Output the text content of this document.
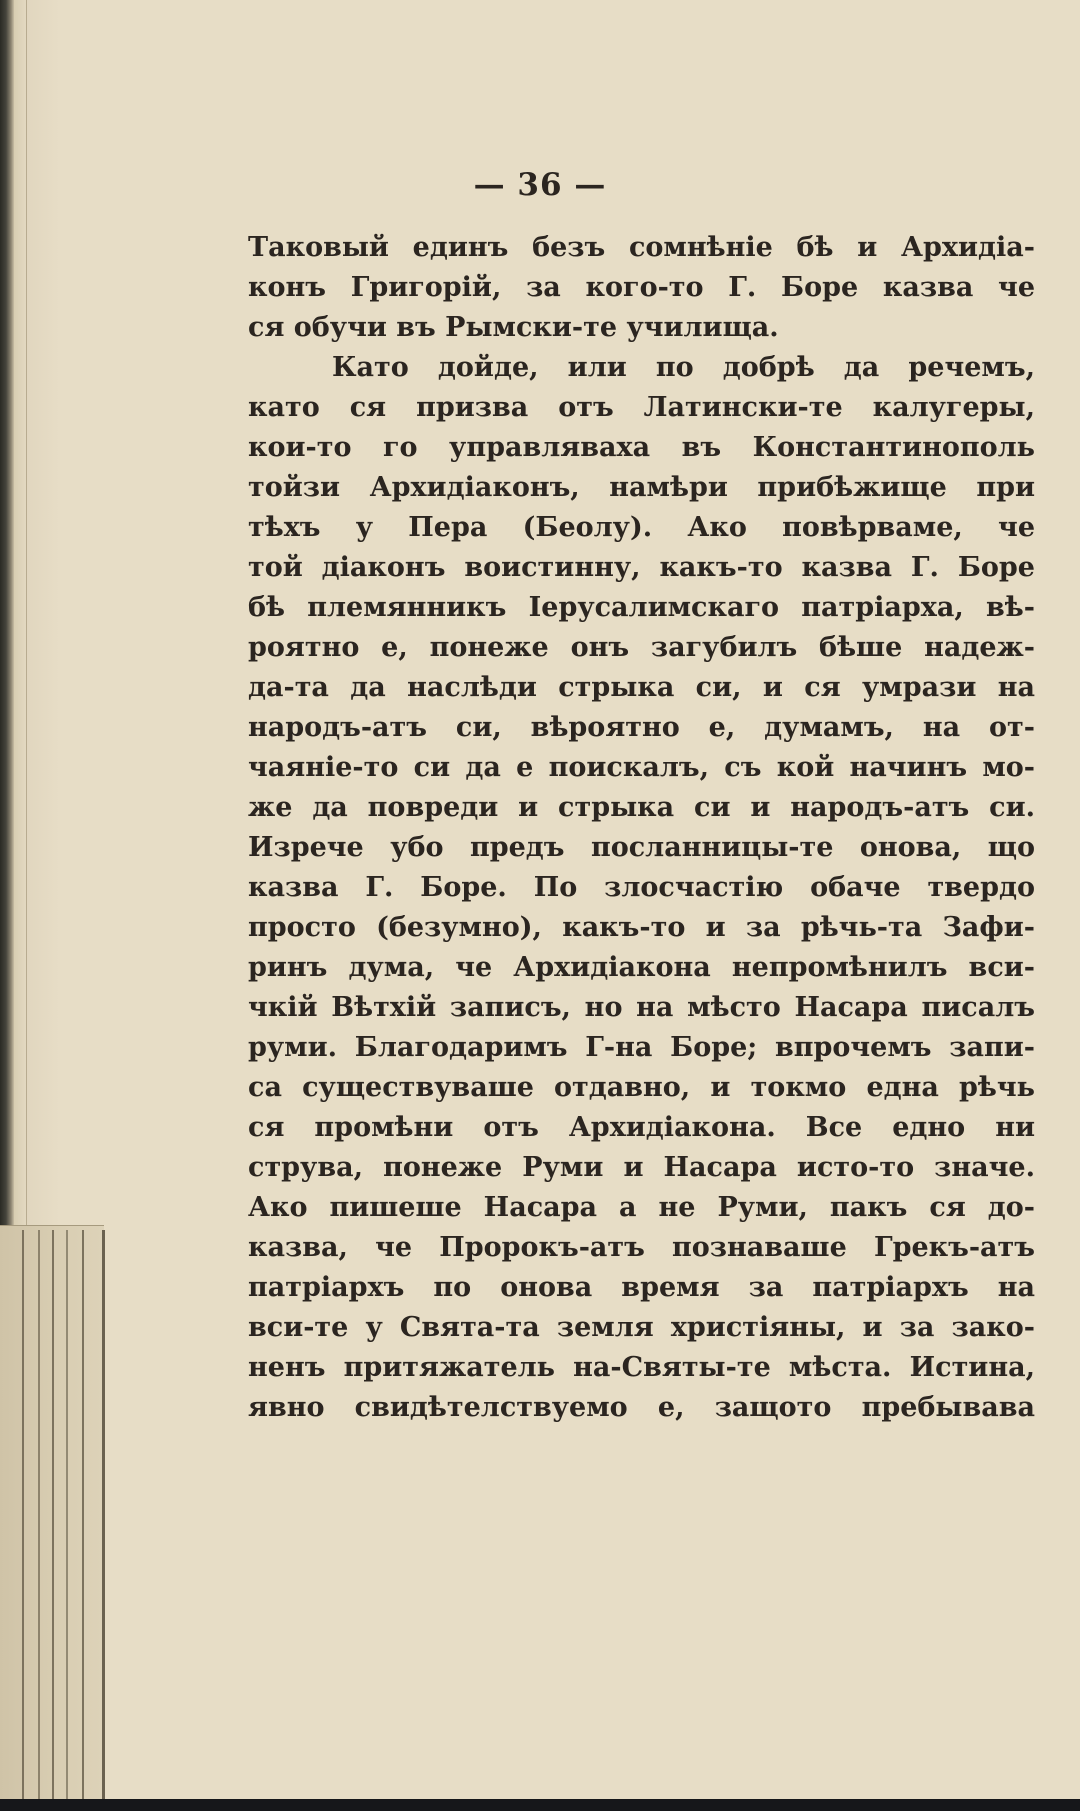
— 36 —
Таковый единъ безъ сомнѣніе бѣ и Архидіа-
конъ Григорій, за кого-то Г. Боре казва че
ся обучи въ Рымски-те училища.
Като дойде, или по добрѣ да речемъ,
като ся призва отъ Латински-те калугеры,
кои-то го управляваха въ Константинополь
тойзи Архидіаконъ, намѣри прибѣжище при
тѣхъ у Пера (Беолу). Ако повѣрваме, че
той діаконъ воистинну, какъ-то казва Г. Боре
бѣ племянникъ Іерусалимскаго патріарха, вѣ-
роятно е, понеже онъ загубилъ бѣше надеж-
да-та да наслѣди стрыка си, и ся умрази на
народъ-атъ си, вѣроятно е, думамъ, на от-
чаяніе-то си да е поискалъ, съ кой начинъ мо-
же да повреди и стрыка си и народъ-атъ си.
Изрече убо предъ посланницы-те онова, що
казва Г. Боре. По злосчастію обаче твердо
просто (безумно), какъ-то и за рѣчь-та Зафи-
ринъ дума, че Архидіакона непромѣнилъ вси-
чкій Вѣтхій записъ, но на мѣсто Насара писалъ
руми. Благодаримъ Г-на Боре; впрочемъ запи-
са существуваше отдавно, и токмо една рѣчь
ся промѣни отъ Архидіакона. Все едно ни
струва, понеже Руми и Насара исто-то значе.
Ако пишеше Насара а не Руми, пакъ ся до-
казва, че Пророкъ-атъ познаваше Грекъ-атъ
патріархъ по онова время за патріархъ на
вси-те у Свята-та земля христіяны, и за зако-
ненъ притяжатель на-Святы-те мѣста. Истина,
явно свидѣтелствуемо е, защото пребывава
